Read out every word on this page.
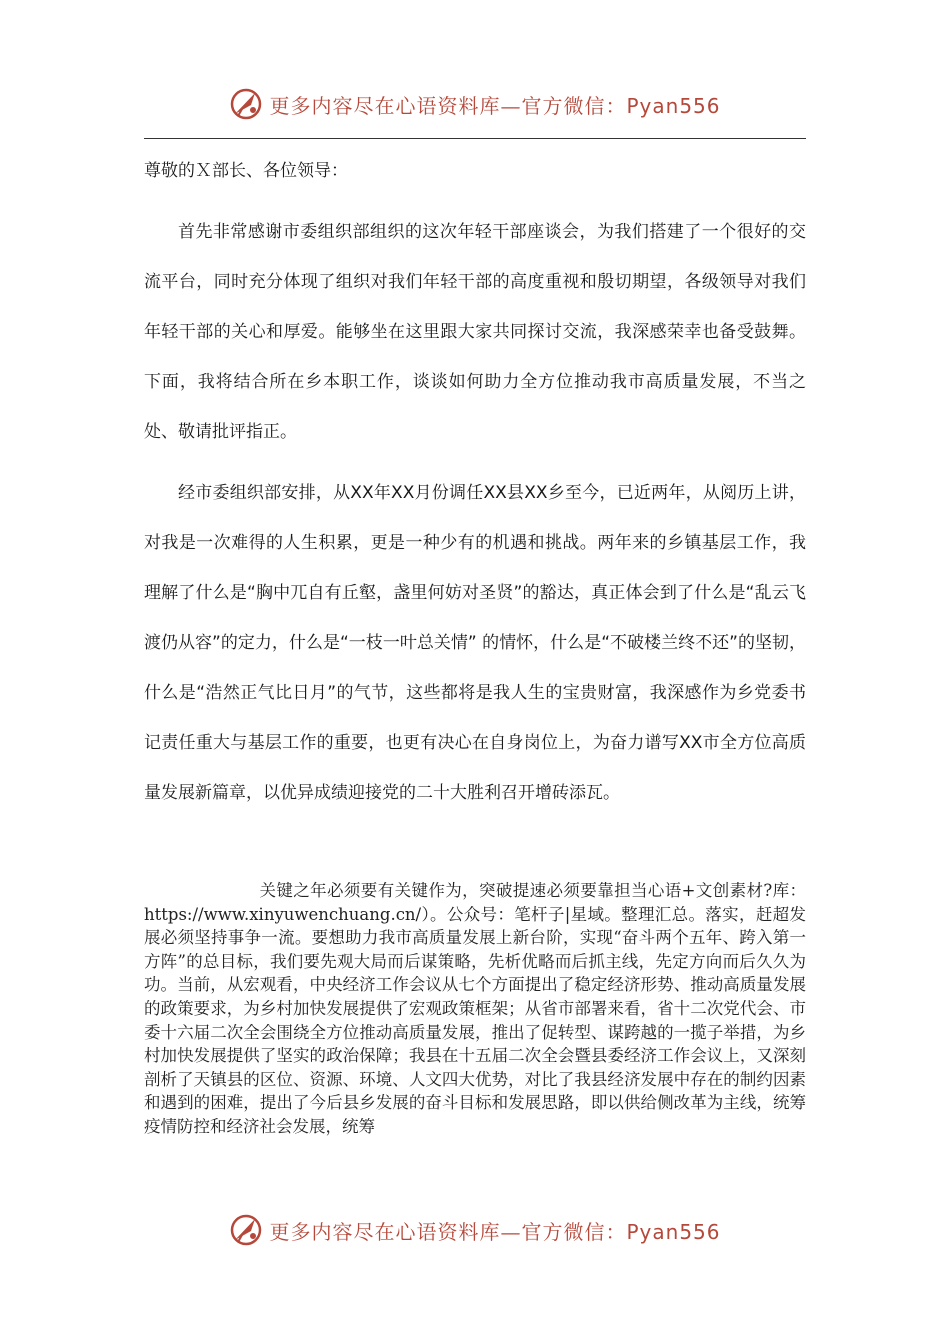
更多内容尽在心语资料库—官方微信：Pyan556

尊敬的Ｘ部长、各位领导：

首先非常感谢市委组织部组织的这次年轻干部座谈会，为我们搭建了一个很好的交流平台，同时充分体现了组织对我们年轻干部的高度重视和殷切期望，各级领导对我们年轻干部的关心和厚爱。能够坐在这里跟大家共同探讨交流，我深感荣幸也备受鼓舞。下面，我将结合所在乡本职工作，谈谈如何助力全方位推动我市高质量发展，不当之处、敬请批评指正。

经市委组织部安排，从XX年XX月份调任XX县XX乡至今，已近两年，从阅历上讲，对我是一次难得的人生积累，更是一种少有的机遇和挑战。两年来的乡镇基层工作，我理解了什么是“胸中兀自有丘壑，盏里何妨对圣贤”的豁达，真正体会到了什么是“乱云飞渡仍从容”的定力，什么是“一枝一叶总关情” 的情怀，什么是“不破楼兰终不还”的坚韧，什么是“浩然正气比日月”的气节，这些都将是我人生的宝贵财富，我深感作为乡党委书记责任重大与基层工作的重要，也更有决心在自身岗位上，为奋力谱写XX市全方位高质量发展新篇章，以优异成绩迎接党的二十大胜利召开增砖添瓦。

关键之年必须要有关键作为，突破提速必须要靠担当心语+文创素材?库：https://www.xinyuwenchuang.cn/）。公众号：笔杆子|星域。整理汇总。落实，赶超发展必须坚持事争一流。要想助力我市高质量发展上新台阶，实现“奋斗两个五年、跨入第一方阵”的总目标，我们要先观大局而后谋策略，先析优略而后抓主线，先定方向而后久久为功。当前，从宏观看，中央经济工作会议从七个方面提出了稳定经济形势、推动高质量发展的政策要求，为乡村加快发展提供了宏观政策框架；从省市部署来看，省十二次党代会、市委十六届二次全会围绕全方位推动高质量发展，推出了促转型、谋跨越的一揽子举措，为乡村加快发展提供了坚实的政治保障；我县在十五届二次全会暨县委经济工作会议上，又深刻剖析了天镇县的区位、资源、环境、人文四大优势，对比了我县经济发展中存在的制约因素和遇到的困难，提出了今后县乡发展的奋斗目标和发展思路，即以供给侧改革为主线，统筹疫情防控和经济社会发展，统筹

更多内容尽在心语资料库—官方微信：Pyan556
